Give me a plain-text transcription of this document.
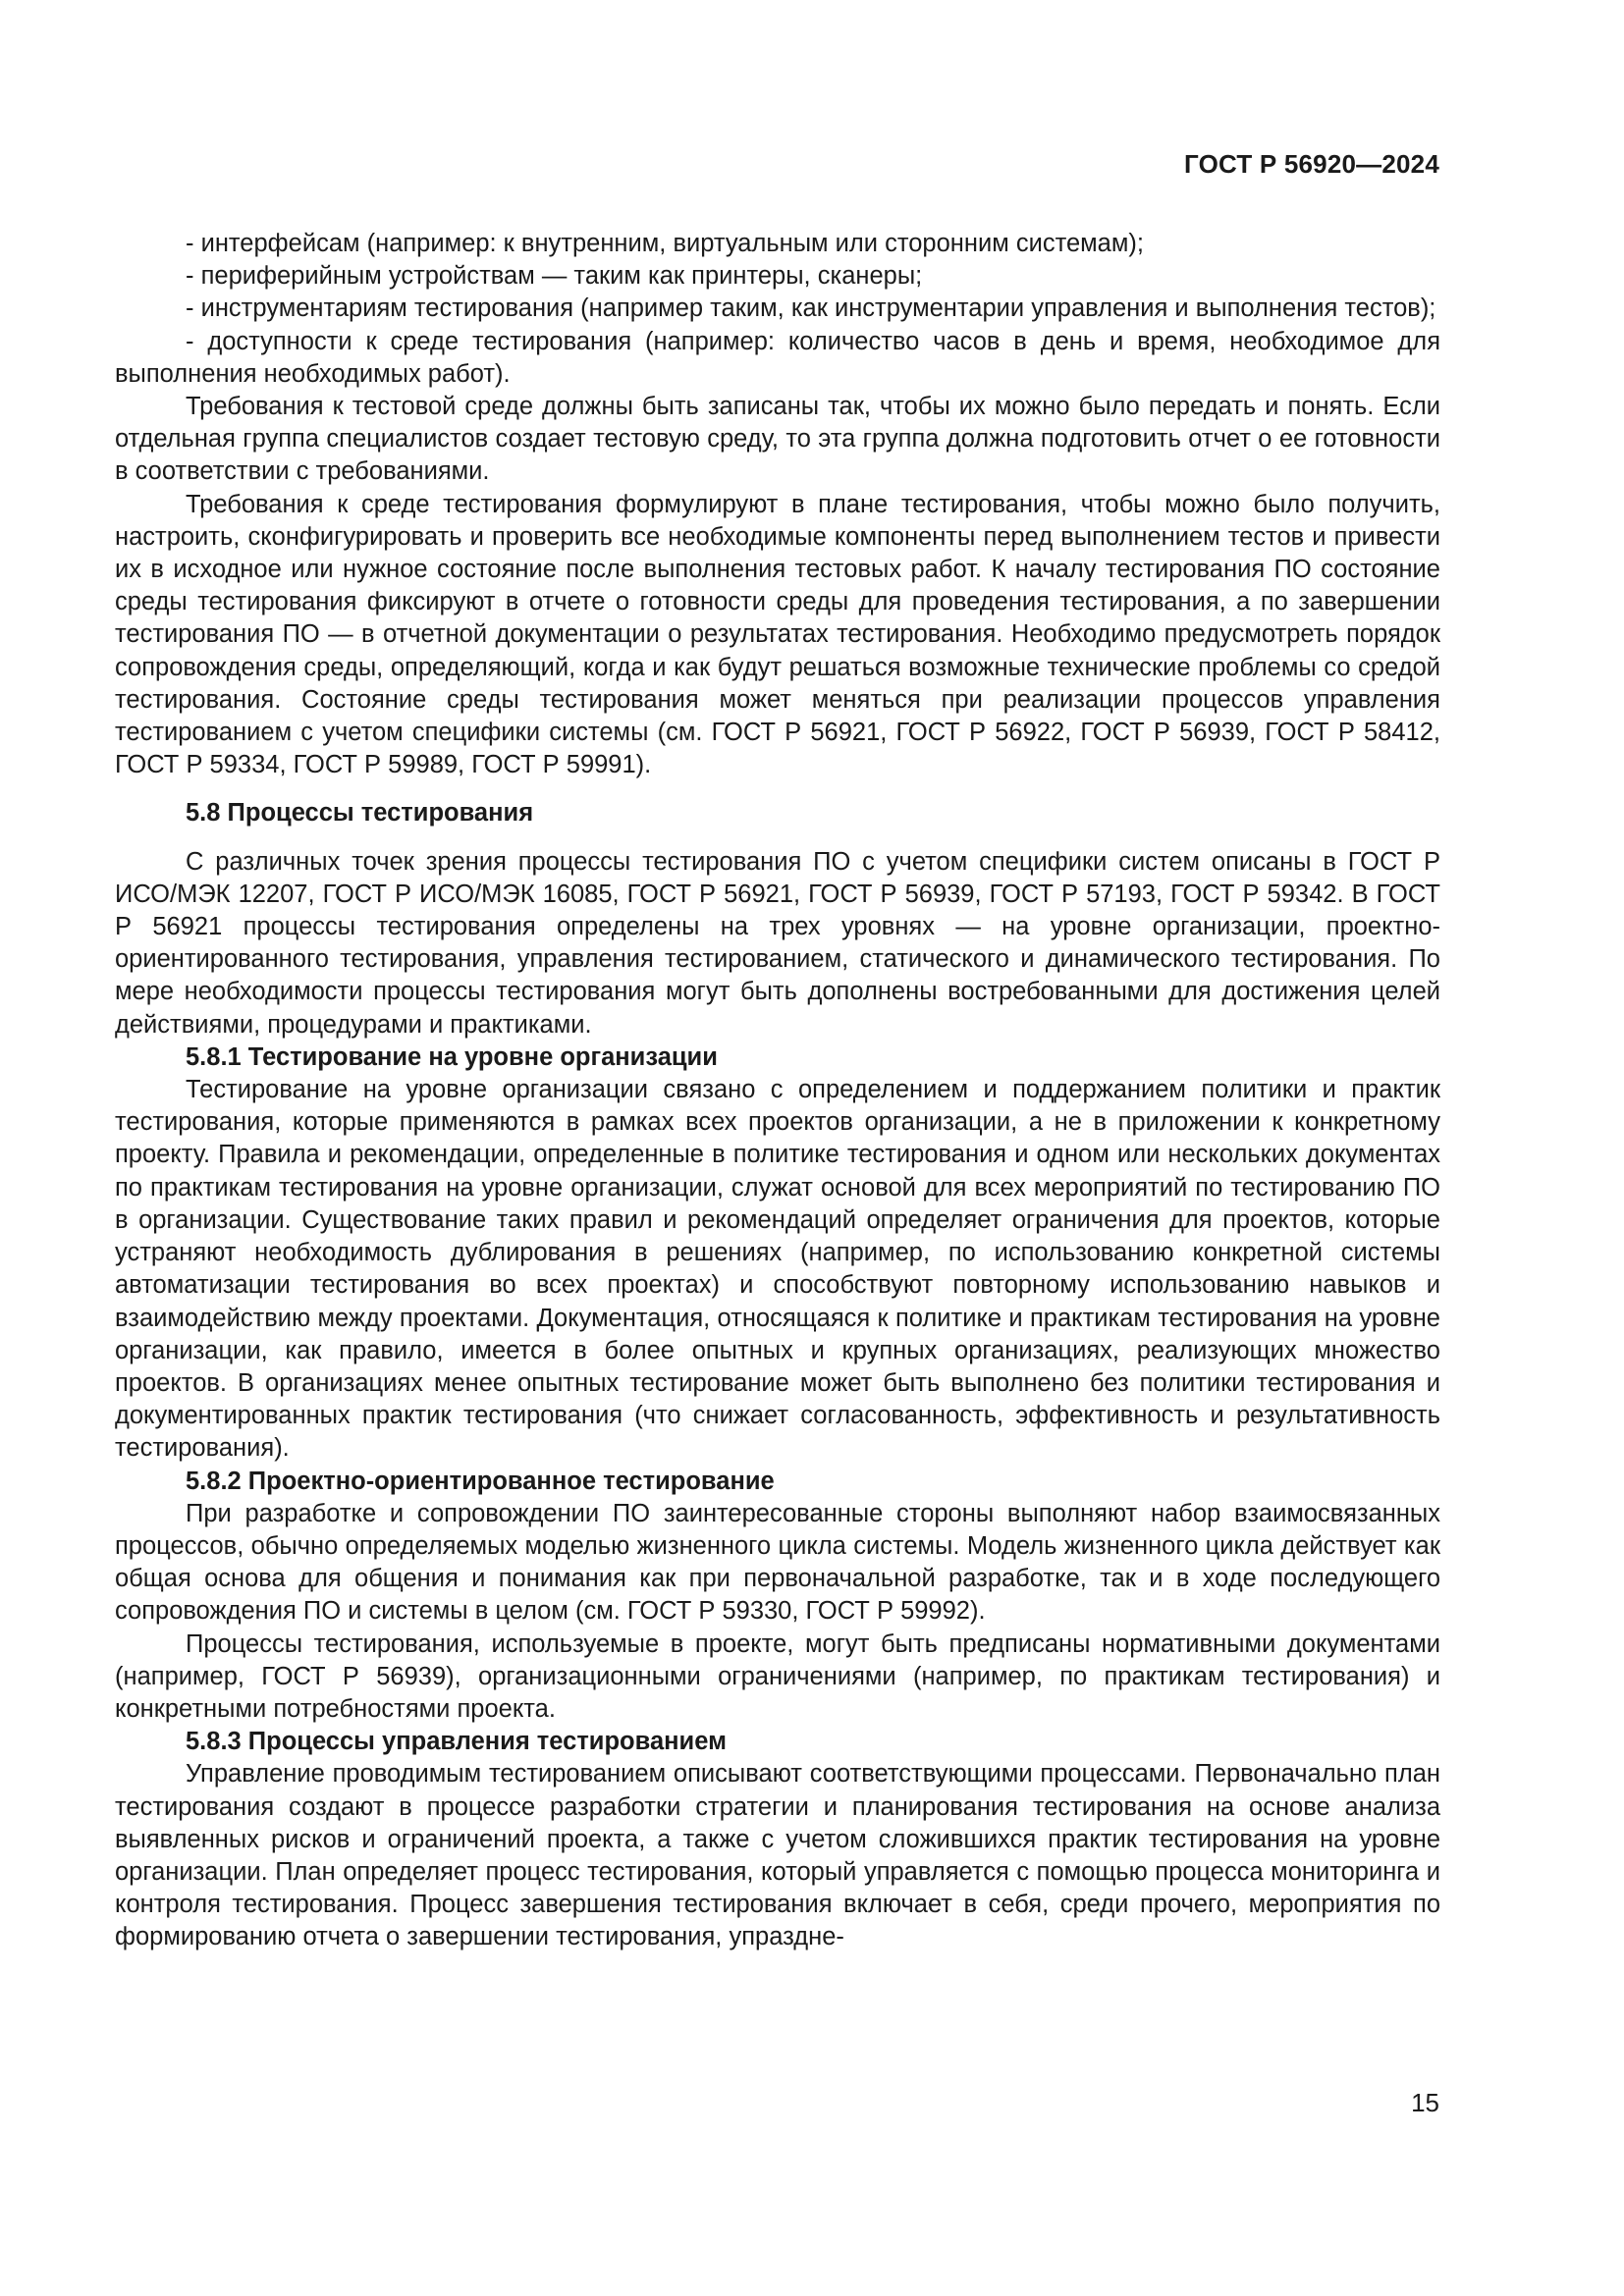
ГОСТ Р 56920—2024

- интерфейсам (например: к внутренним, виртуальным или сторонним системам);

- периферийным устройствам — таким как принтеры, сканеры;

- инструментариям тестирования (например таким, как инструментарии управления и выполнения тестов);

- доступности к среде тестирования (например: количество часов в день и время, необходимое для выполнения необходимых работ).

Требования к тестовой среде должны быть записаны так, чтобы их можно было передать и понять. Если отдельная группа специалистов создает тестовую среду, то эта группа должна подготовить отчет о ее готовности в соответствии с требованиями.

Требования к среде тестирования формулируют в плане тестирования, чтобы можно было получить, настроить, сконфигурировать и проверить все необходимые компоненты перед выполнением тестов и привести их в исходное или нужное состояние после выполнения тестовых работ. К началу тестирования ПО состояние среды тестирования фиксируют в отчете о готовности среды для проведения тестирования, а по завершении тестирования ПО — в отчетной документации о результатах тестирования. Необходимо предусмотреть порядок сопровождения среды, определяющий, когда и как будут решаться возможные технические проблемы со средой тестирования. Состояние среды тестирования может меняться при реализации процессов управления тестированием с учетом специфики системы (см. ГОСТ Р 56921, ГОСТ Р 56922, ГОСТ Р 56939, ГОСТ Р 58412, ГОСТ Р 59334, ГОСТ Р 59989, ГОСТ Р 59991).

5.8 Процессы тестирования

С различных точек зрения процессы тестирования ПО с учетом специфики систем описаны в ГОСТ Р ИСО/МЭК 12207, ГОСТ Р ИСО/МЭК 16085, ГОСТ Р 56921, ГОСТ Р 56939, ГОСТ Р 57193, ГОСТ Р 59342. В ГОСТ Р 56921 процессы тестирования определены на трех уровнях — на уровне организации, проектно-ориентированного тестирования, управления тестированием, статического и динамического тестирования. По мере необходимости процессы тестирования могут быть дополнены востребованными для достижения целей действиями, процедурами и практиками.

5.8.1 Тестирование на уровне организации

Тестирование на уровне организации связано с определением и поддержанием политики и практик тестирования, которые применяются в рамках всех проектов организации, а не в приложении к конкретному проекту. Правила и рекомендации, определенные в политике тестирования и одном или нескольких документах по практикам тестирования на уровне организации, служат основой для всех мероприятий по тестированию ПО в организации. Существование таких правил и рекомендаций определяет ограничения для проектов, которые устраняют необходимость дублирования в решениях (например, по использованию конкретной системы автоматизации тестирования во всех проектах) и способствуют повторному использованию навыков и взаимодействию между проектами. Документация, относящаяся к политике и практикам тестирования на уровне организации, как правило, имеется в более опытных и крупных организациях, реализующих множество проектов. В организациях менее опытных тестирование может быть выполнено без политики тестирования и документированных практик тестирования (что снижает согласованность, эффективность и результативность тестирования).

5.8.2 Проектно-ориентированное тестирование

При разработке и сопровождении ПО заинтересованные стороны выполняют набор взаимосвязанных процессов, обычно определяемых моделью жизненного цикла системы. Модель жизненного цикла действует как общая основа для общения и понимания как при первоначальной разработке, так и в ходе последующего сопровождения ПО и системы в целом (см. ГОСТ Р 59330, ГОСТ Р 59992).

Процессы тестирования, используемые в проекте, могут быть предписаны нормативными документами (например, ГОСТ Р 56939), организационными ограничениями (например, по практикам тестирования) и конкретными потребностями проекта.

5.8.3 Процессы управления тестированием

Управление проводимым тестированием описывают соответствующими процессами. Первоначально план тестирования создают в процессе разработки стратегии и планирования тестирования на основе анализа выявленных рисков и ограничений проекта, а также с учетом сложившихся практик тестирования на уровне организации. План определяет процесс тестирования, который управляется с помощью процесса мониторинга и контроля тестирования. Процесс завершения тестирования включает в себя, среди прочего, мероприятия по формированию отчета о завершении тестирования, упраздне-

15
